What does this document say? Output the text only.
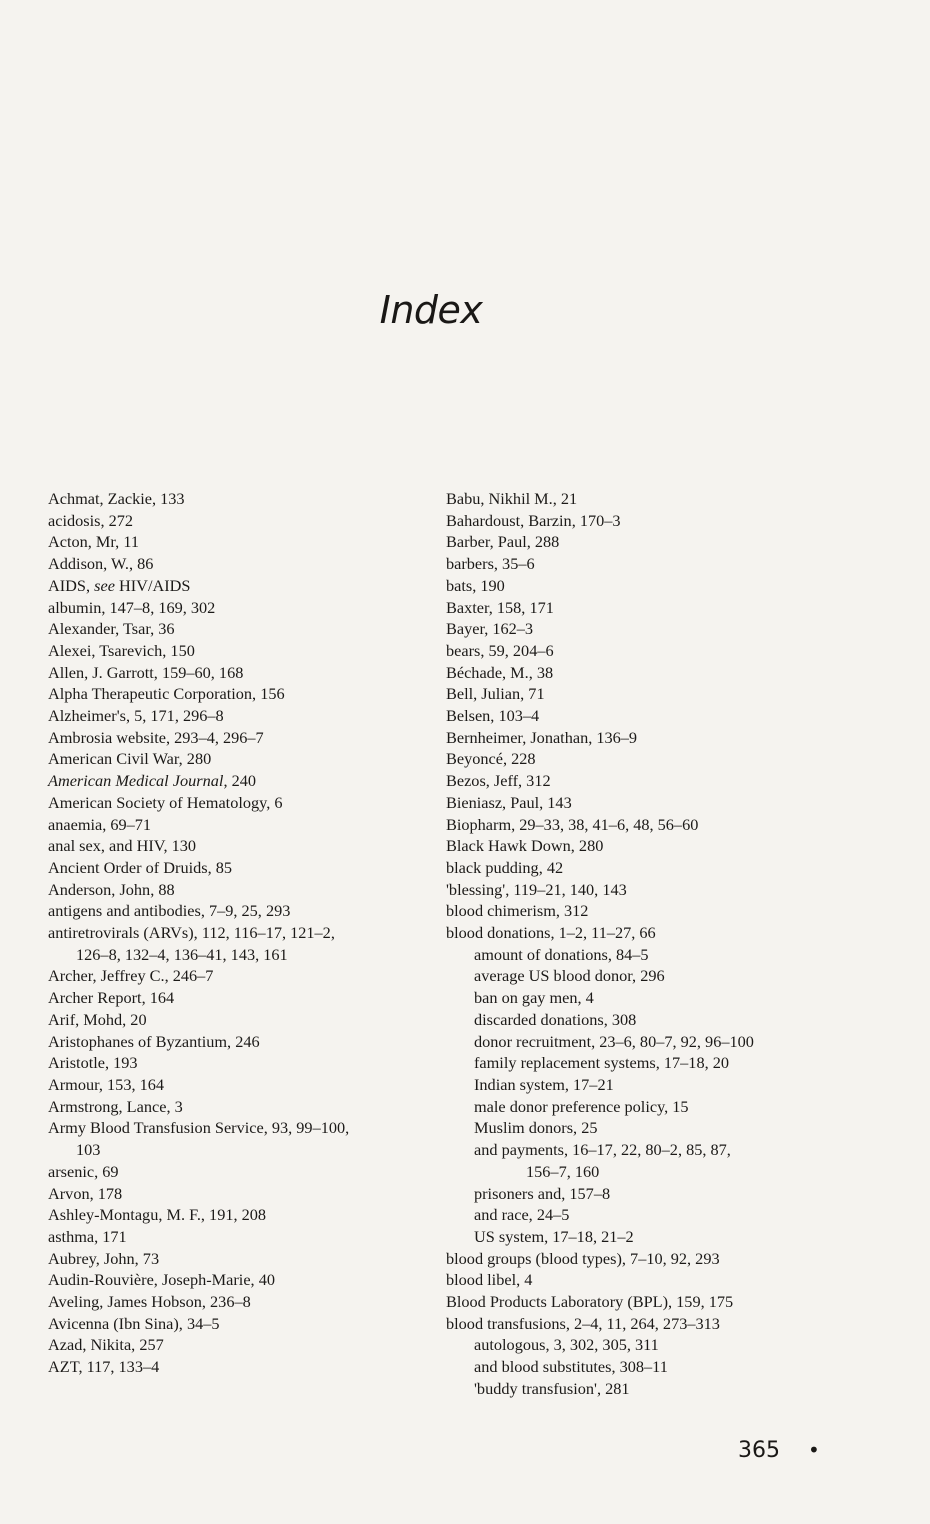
Index
Achmat, Zackie, 133
acidosis, 272
Acton, Mr, 11
Addison, W., 86
AIDS, see HIV/AIDS
albumin, 147–8, 169, 302
Alexander, Tsar, 36
Alexei, Tsarevich, 150
Allen, J. Garrott, 159–60, 168
Alpha Therapeutic Corporation, 156
Alzheimer's, 5, 171, 296–8
Ambrosia website, 293–4, 296–7
American Civil War, 280
American Medical Journal, 240
American Society of Hematology, 6
anaemia, 69–71
anal sex, and HIV, 130
Ancient Order of Druids, 85
Anderson, John, 88
antigens and antibodies, 7–9, 25, 293
antiretrovirals (ARVs), 112, 116–17, 121–2,
126–8, 132–4, 136–41, 143, 161
Archer, Jeffrey C., 246–7
Archer Report, 164
Arif, Mohd, 20
Aristophanes of Byzantium, 246
Aristotle, 193
Armour, 153, 164
Armstrong, Lance, 3
Army Blood Transfusion Service, 93, 99–100,
103
arsenic, 69
Arvon, 178
Ashley-Montagu, M. F., 191, 208
asthma, 171
Aubrey, John, 73
Audin-Rouvière, Joseph-Marie, 40
Aveling, James Hobson, 236–8
Avicenna (Ibn Sina), 34–5
Azad, Nikita, 257
AZT, 117, 133–4
Babu, Nikhil M., 21
Bahardoust, Barzin, 170–3
Barber, Paul, 288
barbers, 35–6
bats, 190
Baxter, 158, 171
Bayer, 162–3
bears, 59, 204–6
Béchade, M., 38
Bell, Julian, 71
Belsen, 103–4
Bernheimer, Jonathan, 136–9
Beyoncé, 228
Bezos, Jeff, 312
Bieniasz, Paul, 143
Biopharm, 29–33, 38, 41–6, 48, 56–60
Black Hawk Down, 280
black pudding, 42
'blessing', 119–21, 140, 143
blood chimerism, 312
blood donations, 1–2, 11–27, 66
amount of donations, 84–5
average US blood donor, 296
ban on gay men, 4
discarded donations, 308
donor recruitment, 23–6, 80–7, 92, 96–100
family replacement systems, 17–18, 20
Indian system, 17–21
male donor preference policy, 15
Muslim donors, 25
and payments, 16–17, 22, 80–2, 85, 87,
156–7, 160
prisoners and, 157–8
and race, 24–5
US system, 17–18, 21–2
blood groups (blood types), 7–10, 92, 293
blood libel, 4
Blood Products Laboratory (BPL), 159, 175
blood transfusions, 2–4, 11, 264, 273–313
autologous, 3, 302, 305, 311
and blood substitutes, 308–11
'buddy transfusion', 281
365 •
